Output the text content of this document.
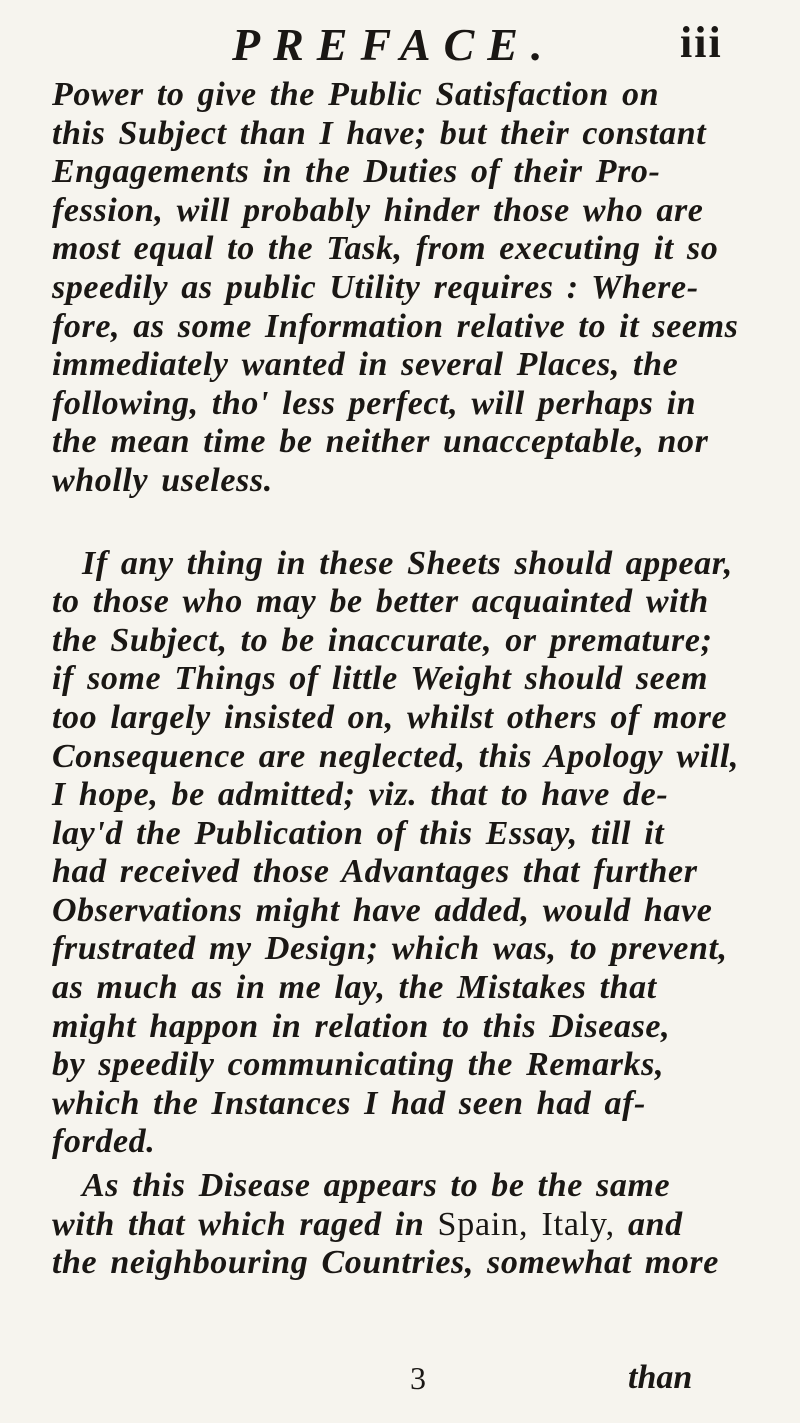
PREFACE.	iii
Power to give the Public Satisfaction on
this Subject than I have; but their constant
Engagements in the Duties of their Pro-
fession, will probably hinder those who are
most equal to the Task, from executing it so
speedily as public Utility requires : Where-
fore, as some Information relative to it seems
immediately wanted in several Places, the
following, tho' less perfect, will perhaps in
the mean time be neither unacceptable, nor
wholly useless.
If any thing in these Sheets should appear,
to those who may be better acquainted with
the Subject, to be inaccurate, or premature;
if some Things of little Weight should seem
too largely insisted on, whilst others of more
Consequence are neglected, this Apology will,
I hope, be admitted; viz. that to have de-
lay'd the Publication of this Essay, till it
had received those Advantages that further
Observations might have added, would have
frustrated my Design; which was, to prevent,
as much as in me lay, the Mistakes that
might happon in relation to this Disease,
by speedily communicating the Remarks,
which the Instances I had seen had af-
forded.
As this Disease appears to be the same
with that which raged in Spain, Italy, and
the neighbouring Countries, somewhat more
3	than
